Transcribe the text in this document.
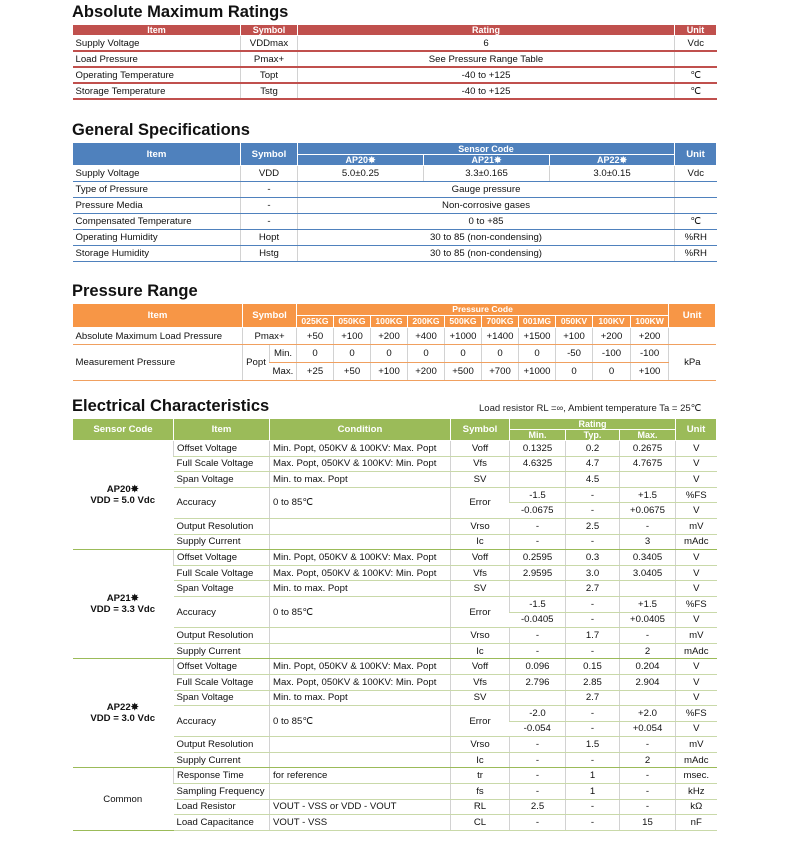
Absolute Maximum Ratings
Item	Symbol	Rating	Unit
Supply Voltage	VDDmax	6	Vdc
Load Pressure	Pmax+	See Pressure Range Table	
Operating Temperature	Topt	-40 to +125	℃
Storage Temperature	Tstg	-40 to +125	℃
General Specifications
Item	Symbol	Sensor Code			Unit
		AP20✸	AP21✸	AP22✸	
Supply Voltage	VDD	5.0±0.25	3.3±0.165	3.0±0.15	Vdc
Type of Pressure	-	Gauge pressure			
Pressure Media	-	Non-corrosive gases			
Compensated Temperature	-	0 to +85			℃
Operating Humidity	Hopt	30 to 85 (non-condensing)			%RH
Storage Humidity	Hstg	30 to 85 (non-condensing)			%RH
Pressure Range
Item	Symbol		Pressure Code										Unit
			025KG	050KG	100KG	200KG	500KG	700KG	001MG	050KV	100KV	100KW	
Absolute Maximum Load Pressure	Pmax+		+50	+100	+200	+400	+1000	+1400	+1500	+100	+200	+200	
Measurement Pressure	Popt	Min.	0	0	0	0	0	0	0	-50	-100	-100	kPa
		Max.	+25	+50	+100	+200	+500	+700	+1000	0	0	+100	
Electrical Characteristics	Load resistor RL =∞, Ambient temperature Ta = 25℃
Sensor Code	Item	Condition	Symbol	Rating			Unit
				Min.	Typ.	Max.	

AP20✸
VDD = 5.0 Vdc	Offset Voltage	Min. Popt, 050KV & 100KV: Max. Popt	Voff	0.1325	0.2	0.2675	V
	Full Scale Voltage	Max. Popt, 050KV & 100KV: Min. Popt	Vfs	4.6325	4.7	4.7675	V
	Span Voltage	Min. to max. Popt	SV		4.5		V
	Accuracy	0 to 85℃	Error	-1.5	-	+1.5	%FS
				-0.0675	-	+0.0675	V
	Output Resolution		Vrso	-	2.5	-	mV
	Supply Current		Ic	-	-	3	mAdc

AP21✸
VDD = 3.3 Vdc	Offset Voltage	Min. Popt, 050KV & 100KV: Max. Popt	Voff	0.2595	0.3	0.3405	V
	Full Scale Voltage	Max. Popt, 050KV & 100KV: Min. Popt	Vfs	2.9595	3.0	3.0405	V
	Span Voltage	Min. to max. Popt	SV		2.7		V
	Accuracy	0 to 85℃	Error	-1.5	-	+1.5	%FS
				-0.0405	-	+0.0405	V
	Output Resolution		Vrso	-	1.7	-	mV
	Supply Current		Ic	-	-	2	mAdc

AP22✸
VDD = 3.0 Vdc	Offset Voltage	Min. Popt, 050KV & 100KV: Max. Popt	Voff	0.096	0.15	0.204	V
	Full Scale Voltage	Max. Popt, 050KV & 100KV: Min. Popt	Vfs	2.796	2.85	2.904	V
	Span Voltage	Min. to max. Popt	SV		2.7		V
	Accuracy	0 to 85℃	Error	-2.0	-	+2.0	%FS
				-0.054	-	+0.054	V
	Output Resolution		Vrso	-	1.5	-	mV
	Supply Current		Ic	-	-	2	mAdc
Common	Response Time	for reference	tr	-	1	-	msec.
	Sampling Frequency		fs	-	1	-	kHz
	Load Resistor	VOUT - VSS or VDD - VOUT	RL	2.5	-	-	kΩ
	Load Capacitance	VOUT - VSS	CL	-	-	15	nF
